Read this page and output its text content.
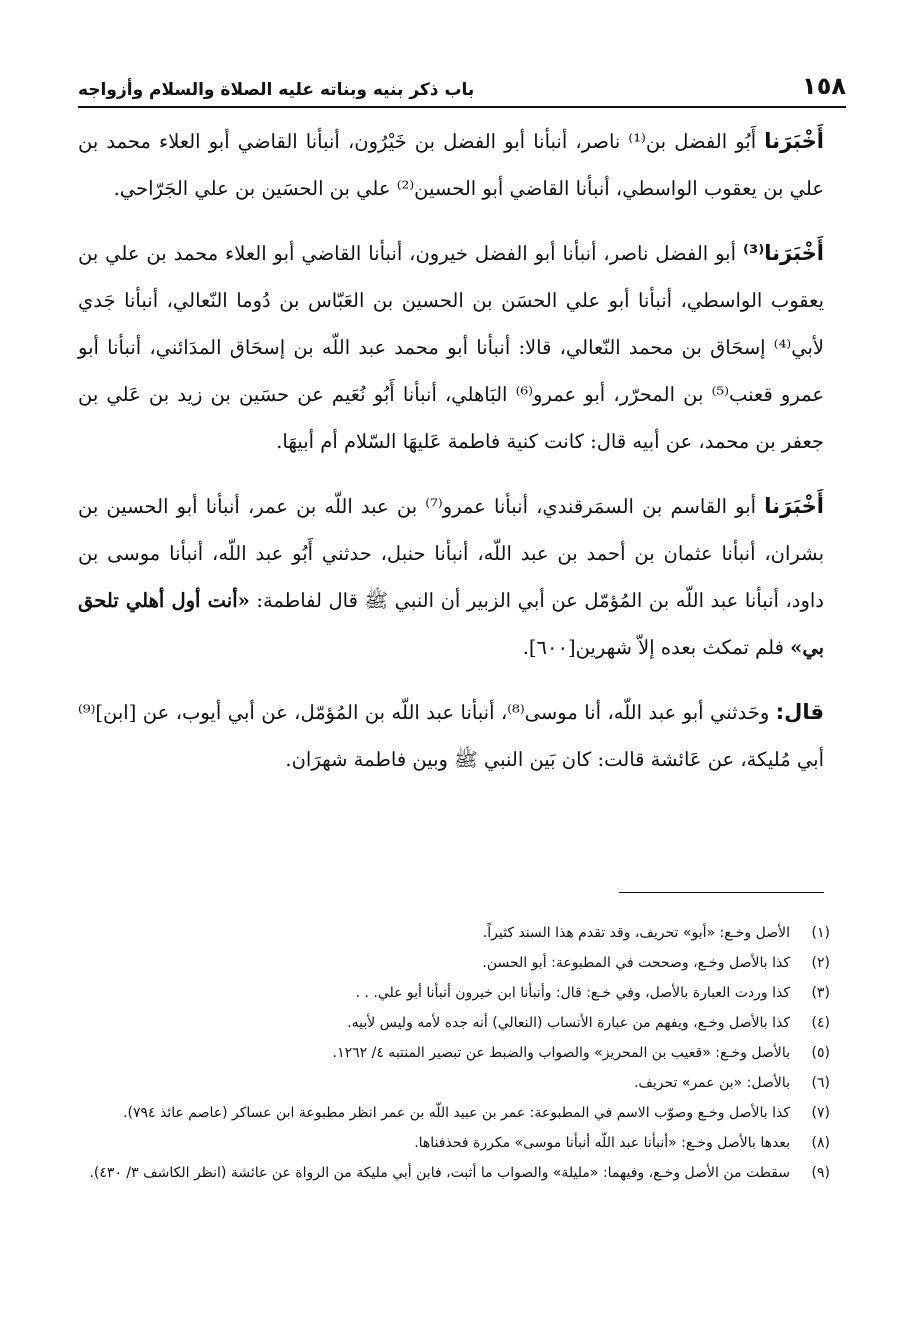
١٥٨
باب ذكر بنيه وبناته عليه الصلاة والسلام وأزواجه

أَخْبَرَنا أَبُو الفضل بن⁽¹⁾ ناصر، أنبأنا أبو الفضل بن خَيْرُون، أنبأنا القاضي أبو العلاء محمد بن علي بن يعقوب الواسطي، أنبأنا القاضي أبو الحسين⁽²⁾ علي بن الحسَين بن علي الجَرّاحي.

أَخْبَرَنا⁽³⁾ أبو الفضل ناصر، أنبأنا أبو الفضل خيرون، أنبأنا القاضي أبو العلاء محمد بن علي بن يعقوب الواسطي، أنبأنا أبو علي الحسَن بن الحسين بن العَبّاس بن دُوما النّعالي، أنبأنا جَدي لأبي⁽⁴⁾ إسحَاق بن محمد النّعالي، قالا: أنبأنا أبو محمد عبد اللّه بن إسحَاق المدَائني، أنبأنا أبو عمرو قعنب⁽⁵⁾ بن المحرّر، أبو عمرو⁽⁶⁾ البَاهلي، أنبأنا أَبُو نُعَيم عن حسَين بن زيد بن عَلي بن جعفر بن محمد، عن أبيه قال: كانت كنية فاطمة عَليهَا السّلام أم أبيهَا.

أَخْبَرَنا أبو القاسم بن السمَرقندي، أنبأنا عمرو⁽⁷⁾ بن عبد اللّه بن عمر، أنبأنا أبو الحسين بن بشران، أنبأنا عثمان بن أحمد بن عبد اللّه، أنبأنا حنبل، حدثني أَبُو عبد اللّه، أنبأنا موسى بن داود، أنبأنا عبد اللّه بن المُؤمّل عن أبي الزبير أن النبي ﷺ قال لفاطمة: «أنت أول أهلي تلحق بي» فلم تمكث بعده إلاّ شهرين[٦٠٠].

قال: وحَدثني أبو عبد اللّه، أنا موسى⁽⁸⁾، أنبأنا عبد اللّه بن المُؤمّل، عن أبي أيوب، عن [ابن]⁽⁹⁾ أبي مُليكة، عن عَائشة قالت: كان بَين النبي ﷺ وبين فاطمة شهرَان.

(١)
الأصل وخـع: «أبو» تحريف، وقد تقدم هذا السند كثيراً.
(٢)
كذا بالأصل وخـع، وصححت في المطبوعة: أبو الحسن.
(٣)
كذا وردت العبارة بالأصل، وفي خـع: قال: وأنبأنا ابن خيرون أنبأنا أبو علي. . .
(٤)
كذا بالأصل وخـع، ويفهم من عبارة الأنساب (النعالي) أنه جده لأمه وليس لأبيه.
(٥)
بالأصل وخـع: «قعيب بن المحريز» والصواب والضبط عن تبصير المنتبه ٤/ ١٢٦٢.
(٦)
بالأصل: «بن عمر» تحريف.
(٧)
كذا بالأصل وخـع وصوّب الاسم في المطبوعة: عمر بن عبيد اللّه بن عمر انظر مطبوعة ابن عساكر (عاصم عائذ ٧٩٤).
(٨)
بعدها بالأصل وخـع: «أنبأنا عبد اللّه أنبأنا موسى» مكررة فحذفناها.
(٩)
سقطت من الأصل وخـع، وفيهما: «مليلة» والصواب ما أثبت، فابن أبي مليكة من الرواة عن عائشة (انظر الكاشف ٣/ ٤٣٠).
